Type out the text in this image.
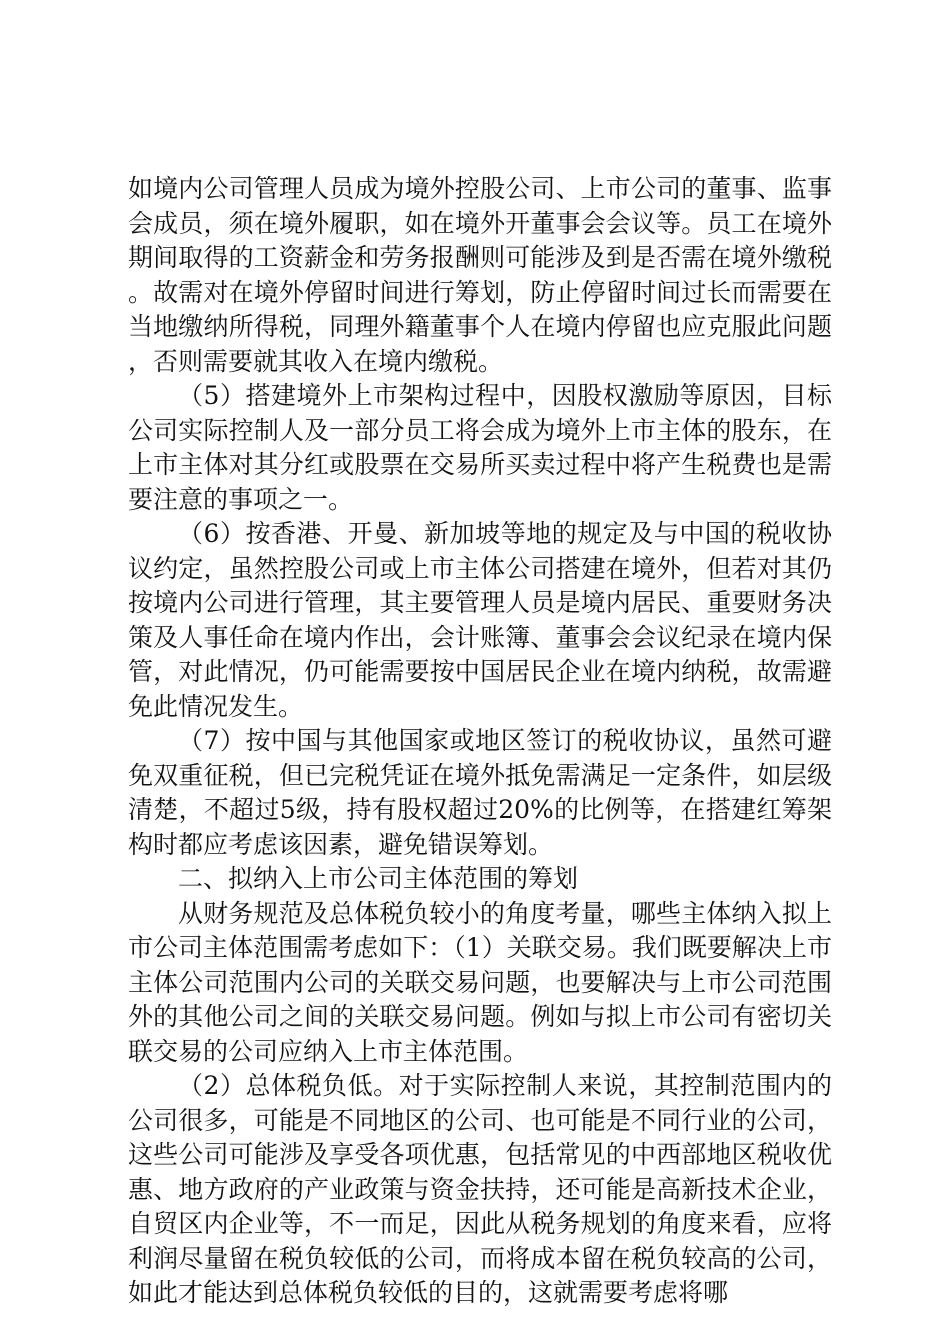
如境内公司管理人员成为境外控股公司、上市公司的董事、监事会成员，须在境外履职，如在境外开董事会会议等。员工在境外期间取得的工资薪金和劳务报酬则可能涉及到是否需在境外缴税。故需对在境外停留时间进行筹划，防止停留时间过长而需要在当地缴纳所得税，同理外籍董事个人在境内停留也应克服此问题，否则需要就其收入在境内缴税。

（5）搭建境外上市架构过程中，因股权激励等原因，目标公司实际控制人及一部分员工将会成为境外上市主体的股东，在上市主体对其分红或股票在交易所买卖过程中将产生税费也是需要注意的事项之一。

（6）按香港、开曼、新加坡等地的规定及与中国的税收协议约定，虽然控股公司或上市主体公司搭建在境外，但若对其仍按境内公司进行管理，其主要管理人员是境内居民、重要财务决策及人事任命在境内作出，会计账簿、董事会会议纪录在境内保管，对此情况，仍可能需要按中国居民企业在境内纳税，故需避免此情况发生。

（7）按中国与其他国家或地区签订的税收协议，虽然可避免双重征税，但已完税凭证在境外抵免需满足一定条件，如层级清楚，不超过5级，持有股权超过20%的比例等，在搭建红筹架构时都应考虑该因素，避免错误筹划。

二、拟纳入上市公司主体范围的筹划

从财务规范及总体税负较小的角度考量，哪些主体纳入拟上市公司主体范围需考虑如下：（1）关联交易。我们既要解决上市主体公司范围内公司的关联交易问题，也要解决与上市公司范围外的其他公司之间的关联交易问题。例如与拟上市公司有密切关联交易的公司应纳入上市主体范围。

（2）总体税负低。对于实际控制人来说，其控制范围内的公司很多，可能是不同地区的公司、也可能是不同行业的公司，这些公司可能涉及享受各项优惠，包括常见的中西部地区税收优惠、地方政府的产业政策与资金扶持，还可能是高新技术企业，自贸区内企业等，不一而足，因此从税务规划的角度来看，应将利润尽量留在税负较低的公司，而将成本留在税负较高的公司，如此才能达到总体税负较低的目的，这就需要考虑将哪
